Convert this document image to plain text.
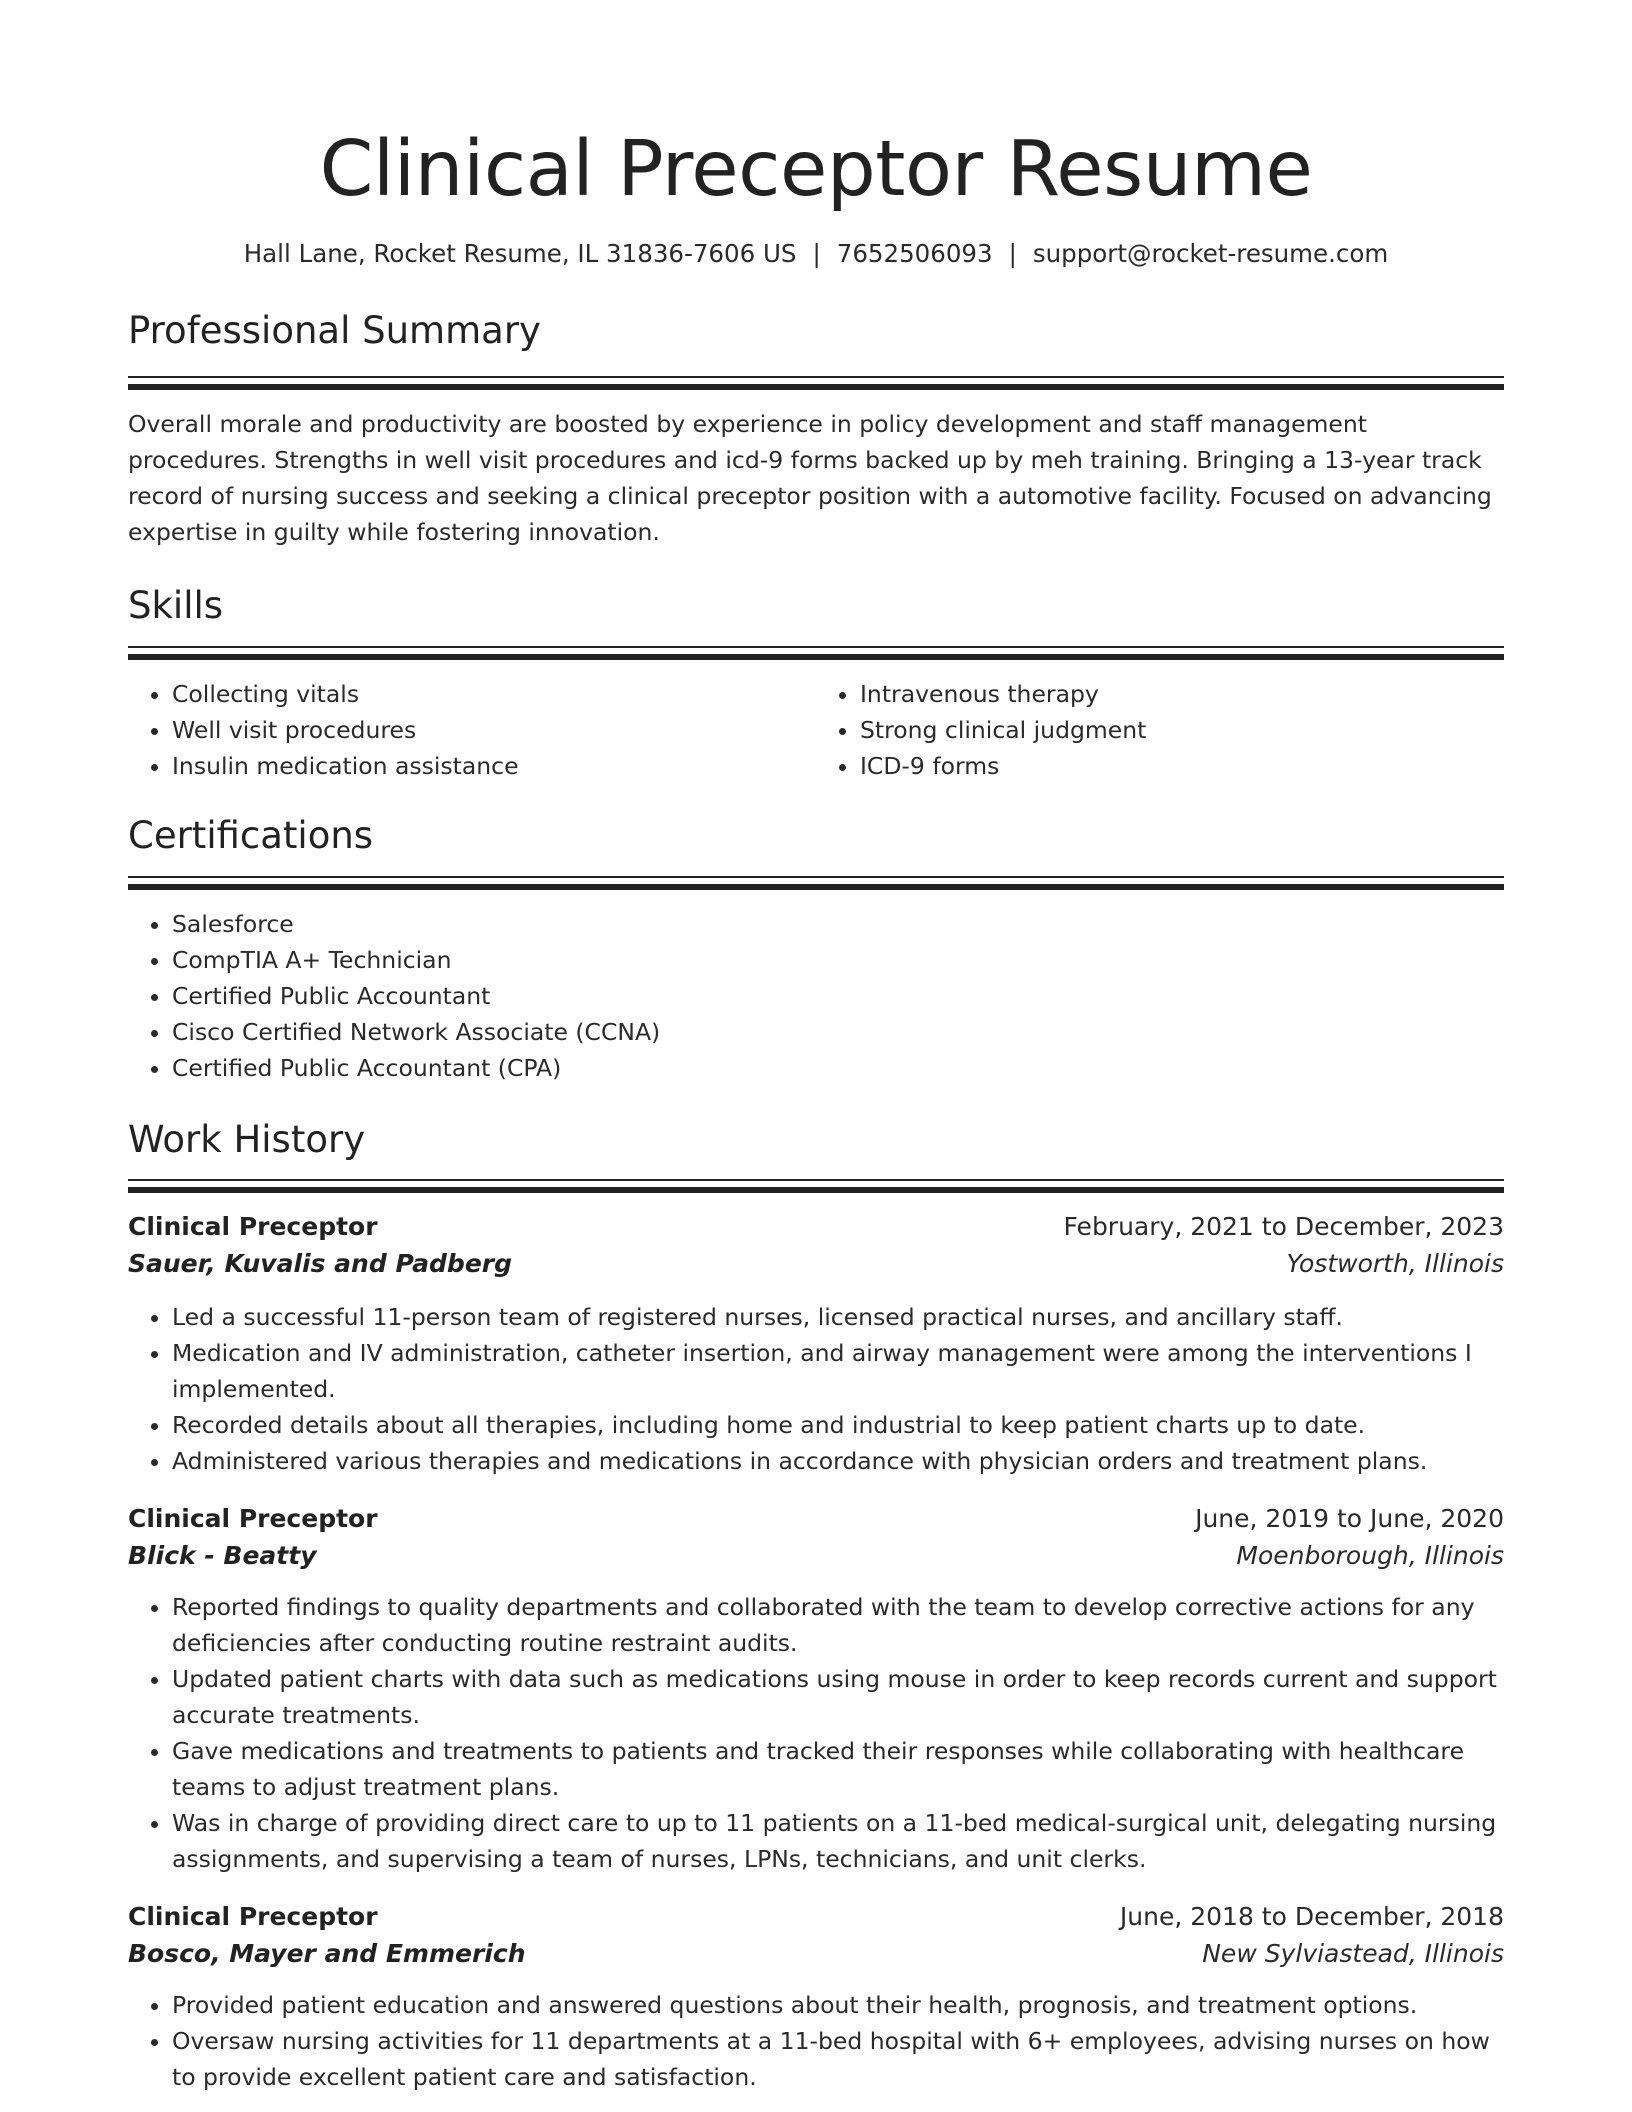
Clinical Preceptor Resume
Hall Lane, Rocket Resume, IL 31836-7606 US | 7652506093 | support@rocket-resume.com
Professional Summary

Overall morale and productivity are boosted by experience in policy development and staff management procedures. Strengths in well visit procedures and icd-9 forms backed up by meh training. Bringing a 13-year track record of nursing success and seeking a clinical preceptor position with a automotive facility. Focused on advancing expertise in guilty while fostering innovation.

Skills
• Collecting vitals
• Well visit procedures
• Insulin medication assistance
• Intravenous therapy
• Strong clinical judgment
• ICD-9 forms
Certifications
• Salesforce
• CompTIA A+ Technician
• Certified Public Accountant
• Cisco Certified Network Associate (CCNA)
• Certified Public Accountant (CPA)
Work History
Clinical Preceptor	February, 2021 to December, 2023
Sauer, Kuvalis and Padberg	Yostworth, Illinois
• Led a successful 11-person team of registered nurses, licensed practical nurses, and ancillary staff.
• Medication and IV administration, catheter insertion, and airway management were among the interventions I implemented.
• Recorded details about all therapies, including home and industrial to keep patient charts up to date.
• Administered various therapies and medications in accordance with physician orders and treatment plans.
Clinical Preceptor	June, 2019 to June, 2020
Blick - Beatty	Moenborough, Illinois
• Reported findings to quality departments and collaborated with the team to develop corrective actions for any deficiencies after conducting routine restraint audits.
• Updated patient charts with data such as medications using mouse in order to keep records current and support accurate treatments.
• Gave medications and treatments to patients and tracked their responses while collaborating with healthcare teams to adjust treatment plans.
• Was in charge of providing direct care to up to 11 patients on a 11-bed medical-surgical unit, delegating nursing assignments, and supervising a team of nurses, LPNs, technicians, and unit clerks.
Clinical Preceptor	June, 2018 to December, 2018
Bosco, Mayer and Emmerich	New Sylviastead, Illinois
• Provided patient education and answered questions about their health, prognosis, and treatment options.
• Oversaw nursing activities for 11 departments at a 11-bed hospital with 6+ employees, advising nurses on how to provide excellent patient care and satisfaction.
